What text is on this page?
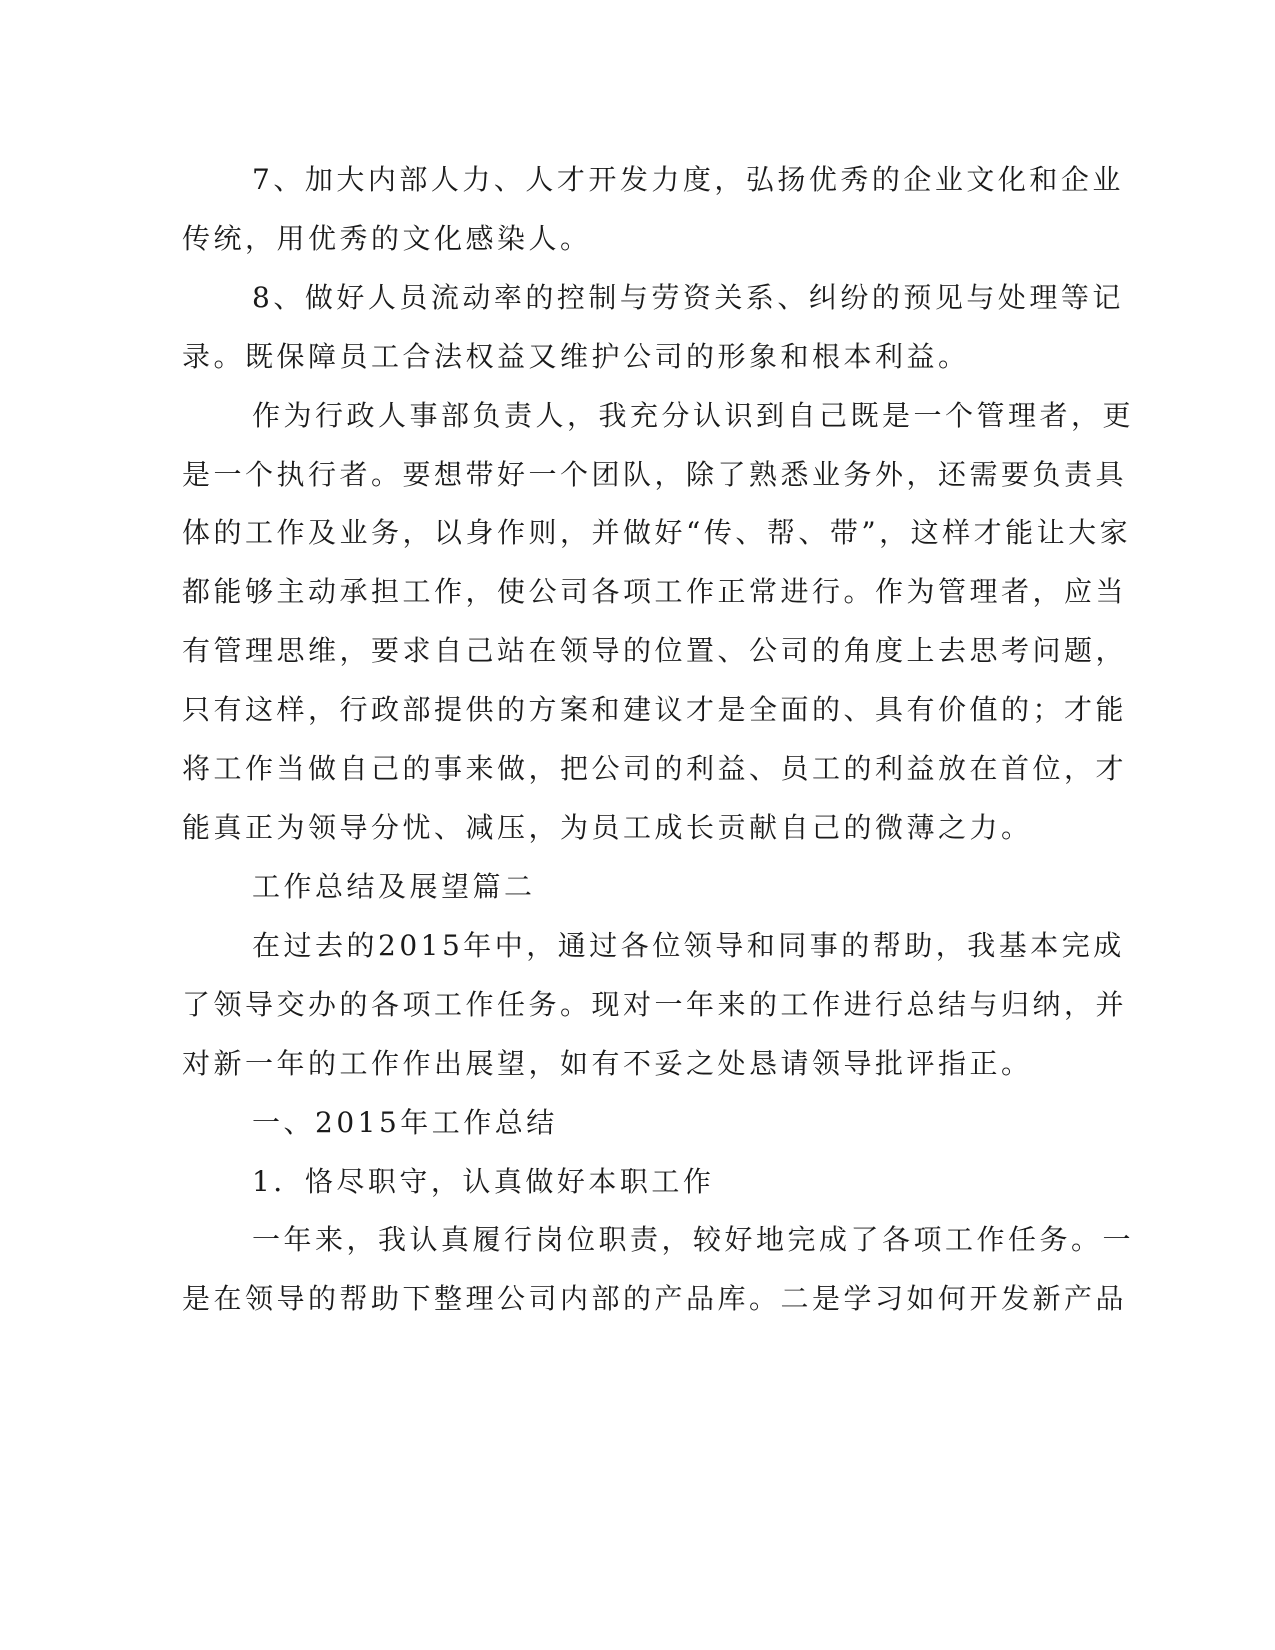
7、加大内部人力、人才开发力度，弘扬优秀的企业文化和企业
传统，用优秀的文化感染人。
8、做好人员流动率的控制与劳资关系、纠纷的预见与处理等记
录。既保障员工合法权益又维护公司的形象和根本利益。
作为行政人事部负责人，我充分认识到自己既是一个管理者，更
是一个执行者。要想带好一个团队，除了熟悉业务外，还需要负责具
体的工作及业务，以身作则，并做好“传、帮、带”，这样才能让大家
都能够主动承担工作，使公司各项工作正常进行。作为管理者，应当
有管理思维，要求自己站在领导的位置、公司的角度上去思考问题，
只有这样，行政部提供的方案和建议才是全面的、具有价值的；才能
将工作当做自己的事来做，把公司的利益、员工的利益放在首位，才
能真正为领导分忧、减压，为员工成长贡献自己的微薄之力。
工作总结及展望篇二
在过去的2015年中，通过各位领导和同事的帮助，我基本完成
了领导交办的各项工作任务。现对一年来的工作进行总结与归纳，并
对新一年的工作作出展望，如有不妥之处恳请领导批评指正。
一、2015年工作总结
1．恪尽职守，认真做好本职工作
一年来，我认真履行岗位职责，较好地完成了各项工作任务。一
是在领导的帮助下整理公司内部的产品库。二是学习如何开发新产品
